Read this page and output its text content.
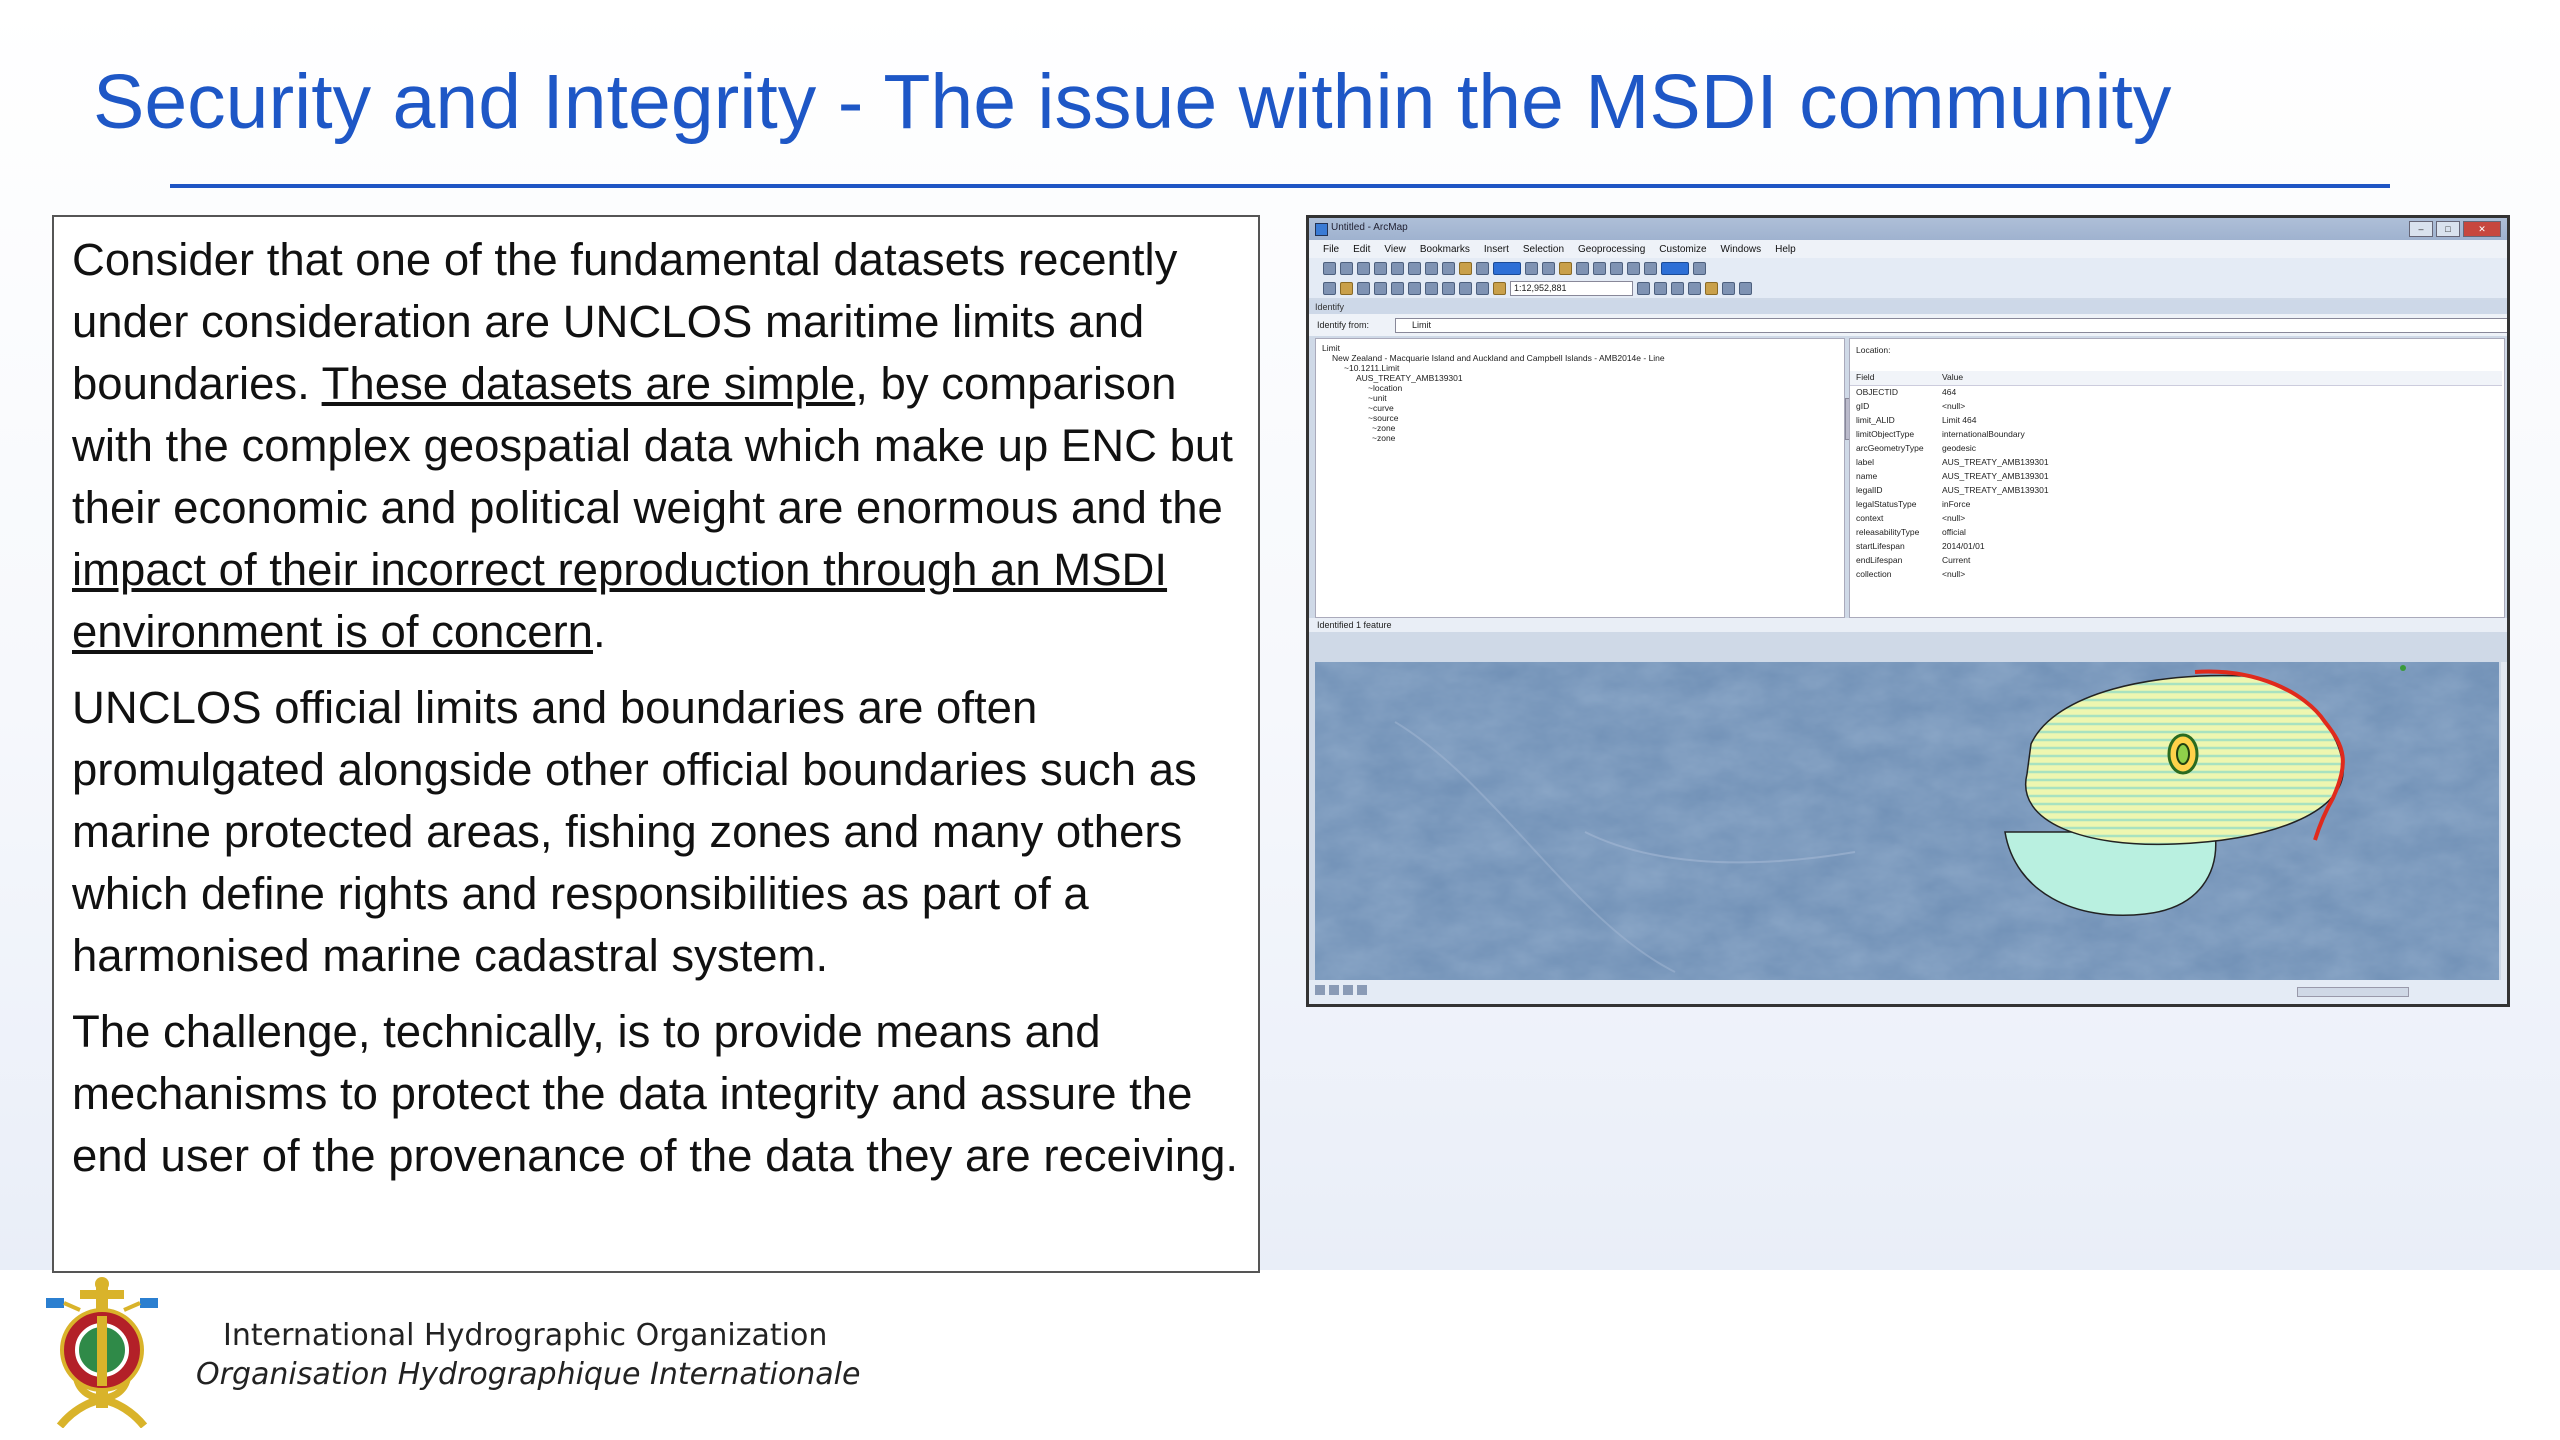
Security and Integrity - The issue within the MSDI community

Consider that one of the fundamental datasets recently under consideration are UNCLOS maritime limits and boundaries. These datasets are simple, by comparison with the complex geospatial data which make up ENC but their economic and political weight are enormous and the impact of their incorrect reproduction through an MSDI environment is of concern.

UNCLOS official limits and boundaries are often promulgated alongside other official boundaries such as marine protected areas, fishing zones and many others which define rights and responsibilities as part of a harmonised marine cadastral system.

The challenge, technically, is to provide means and mechanisms to protect the data integrity and assure the end user of the provenance of the data they are receiving.

Untitled - ArcMap	–	□	✕
File Edit View Bookmarks Insert Selection Geoprocessing Customize Windows Help
1:12,952,881
Identify
Identify from:	Limit
Limit
New Zealand - Macquarie Island and Auckland and Campbell Islands - AMB2014e - Line
~10.1211.Limit
AUS_TREATY_AMB139301
~location
~unit
~curve
~source
~zone
~zone
Location:
Field	Value
OBJECTID	464
gID	<null>
limit_ALID	Limit 464
limitObjectType	internationalBoundary
arcGeometryType geodesic
label	AUS_TREATY_AMB139301
name	AUS_TREATY_AMB139301
legalID	AUS_TREATY_AMB139301
legalStatusType	inForce
context	<null>
releasabilityType	official
startLifespan	2014/01/01
endLifespan	Current
collection	<null>
Identified 1 feature
International Hydrographic Organization
Organisation Hydrographique Internationale
